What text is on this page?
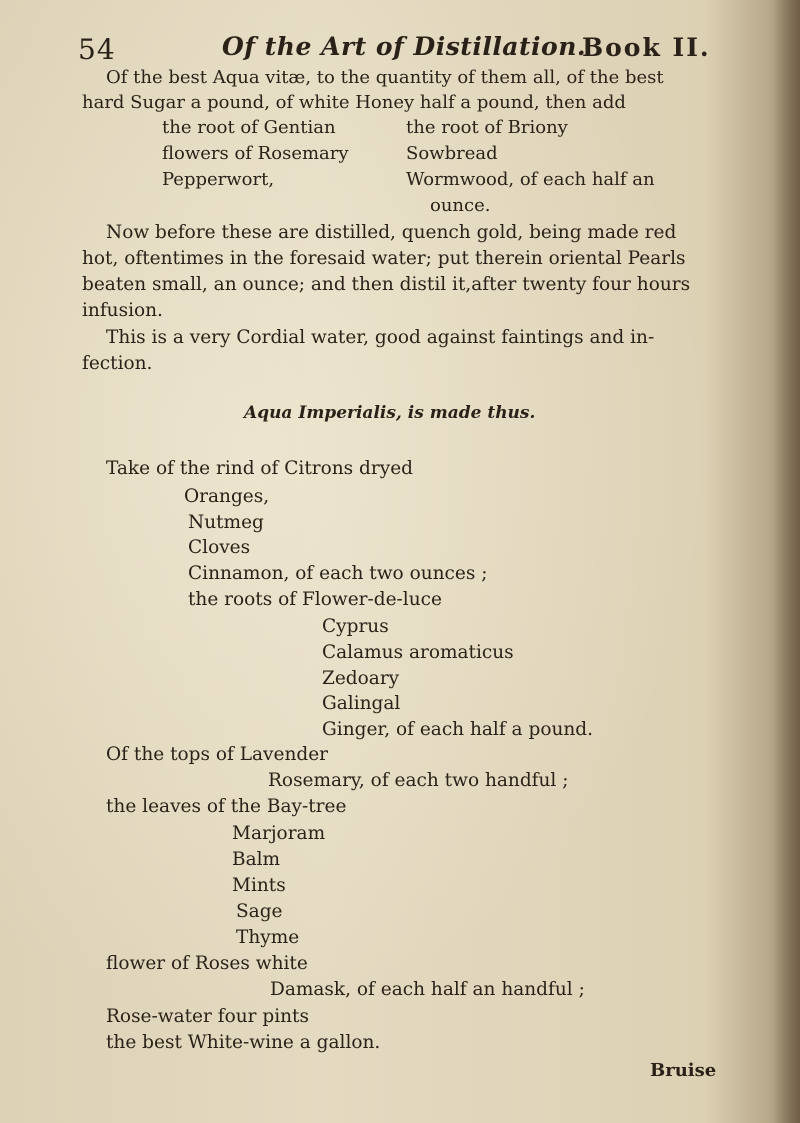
54	Of the Art of Distillation.
Book II.
Of the best Aqua vitæ, to the quantity of them all, of the best
hard Sugar a pound, of white Honey half a pound, then add
the root of Gentian
flowers of Rosemary
Pepperwort,
the root of Briony
Sowbread
Wormwood, of each half an
ounce.
Now before these are distilled, quench gold, being made red
hot, oftentimes in the foresaid water; put therein oriental Pearls
beaten small, an ounce; and then distil it,after twenty four hours
infusion.
This is a very Cordial water, good against faintings and in-
fection.
Aqua Imperialis, is made thus.
Take of the rind of Citrons dryed
Oranges,
Nutmeg
Cloves
Cinnamon, of each two ounces ;
the roots of Flower-de-luce
Cyprus
Calamus aromaticus
Zedoary
Galingal
Ginger, of each half a pound.
Of the tops of Lavender
Rosemary, of each two handful ;
the leaves of the Bay-tree
Marjoram
Balm
Mints
Sage
Thyme
flower of Roses white
Damask, of each half an handful ;
Rose-water four pints
the best White-wine a gallon.
Bruise
